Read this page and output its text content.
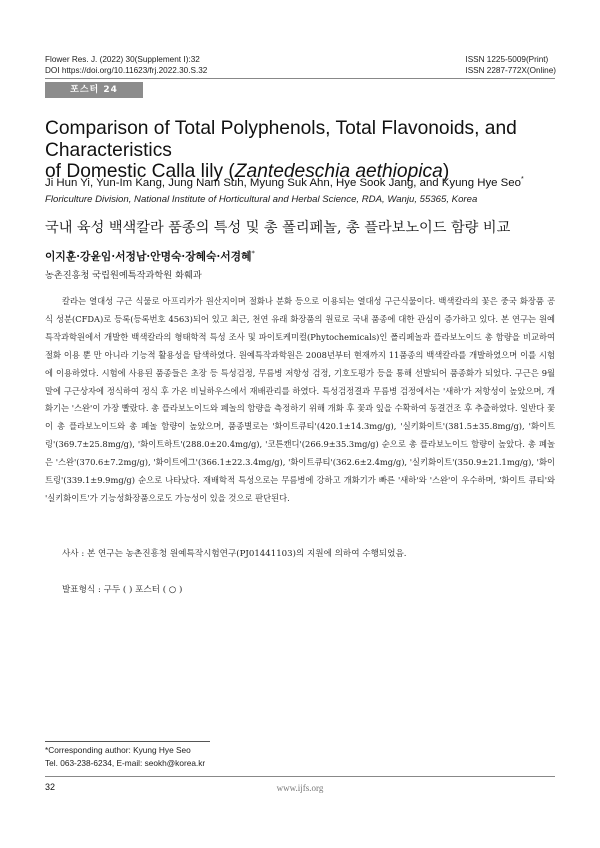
Flower Res. J. (2022) 30(Supplement Ⅰ):32
DOI https://doi.org/10.11623/frj.2022.30.S.32
ISSN 1225-5009(Print)
ISSN 2287-772X(Online)
포스터 24
Comparison of Total Polyphenols, Total Flavonoids, and Characteristics
of Domestic Calla lily (Zantedeschia aethiopica)
Ji Hun Yi, Yun-Im Kang, Jung Nam Suh, Myung Suk Ahn, Hye Sook Jang, and Kyung Hye Seo*
Floriculture Division, National Institute of Horticultural and Herbal Science, RDA, Wanju, 55365, Korea
국내 육성 백색칼라 품종의 특성 및 총 폴리페놀, 총 플라보노이드 함량 비교
이지훈·강윤임·서정남·안명숙·장혜숙·서경혜*
농촌진흥청 국립원예특작과학원 화훼과

칼라는 열대성 구근 식물로 아프리카가 원산지이며 절화나 분화 등으로 이용되는 열대성 구근식물이다. 백색칼라의 꽃은 중국 화장품 공식 성분(CFDA)로 등록(등록번호 4563)되어 있고 최근, 천연 유래 화장품의 원료로 국내 품종에 대한 관심이 증가하고 있다. 본 연구는 원예특작과학원에서 개발한 백색칼라의 형태학적 특성 조사 및 파이토케미컬(Phytochemicals)인 폴리페놀과 플라보노이드 총 함량을 비교하여 절화 이용 뿐 만 아니라 기능적 활용성을 탐색하였다. 원예특작과학원은 2008년부터 현재까지 11품종의 백색칼라를 개발하였으며 이를 시험에 이용하였다. 시험에 사용된 품종들은 초장 등 특성검정, 무름병 저항성 검정, 기호도평가 등을 통해 선발되어 품종화가 되었다. 구근은 9월 말에 구근상자에 정식하여 정식 후 가온 비닐하우스에서 재배관리를 하였다. 특성검정결과 무름병 검정에서는 '새하'가 저항성이 높았으며, 개화기는 '스완'이 가장 빨랐다. 총 플라보노이드와 폐놀의 함량을 측정하기 위해 개화 후 꽃과 잎을 수확하여 동결건조 후 추출하였다. 일반다 꽃이 총 플라보노이드와 총 폐놀 함량이 높았으며, 품종별로는 '화이트큐티'(420.1±14.3mg/g), '실키화이트'(381.5±35.8mg/g), '화이트링'(369.7±25.8mg/g), '화이트하트'(288.0±20.4mg/g), '코튼캔디'(266.9±35.3mg/g) 순으로 총 플라보노이드 함량이 높았다. 총 폐놀은 '스완'(370.6±7.2mg/g), '화이트에그'(366.1±22.3.4mg/g), '화이트큐티'(362.6±2.4mg/g), '실키화이트'(350.9±21.1mg/g), '화이트링'(339.1±9.9mg/g) 순으로 나타났다. 재배학적 특성으로는 무름병에 강하고 개화기가 빠른 '새하'와 '스완'이 우수하며, '화이트 큐티'와 '실키화이트'가 기능성화장품으로도 가능성이 있을 것으로 판단된다.

사사 : 본 연구는 농촌진흥청 원예특작시험연구(PJ01441103)의 지원에 의하여 수행되었음.
발표형식 : 구두 ( ) 포스터 ( ○ )
*Corresponding author: Kyung Hye Seo
Tel. 063-238-6234, E-mail: seokh@korea.kr
32	www.ijfs.org
